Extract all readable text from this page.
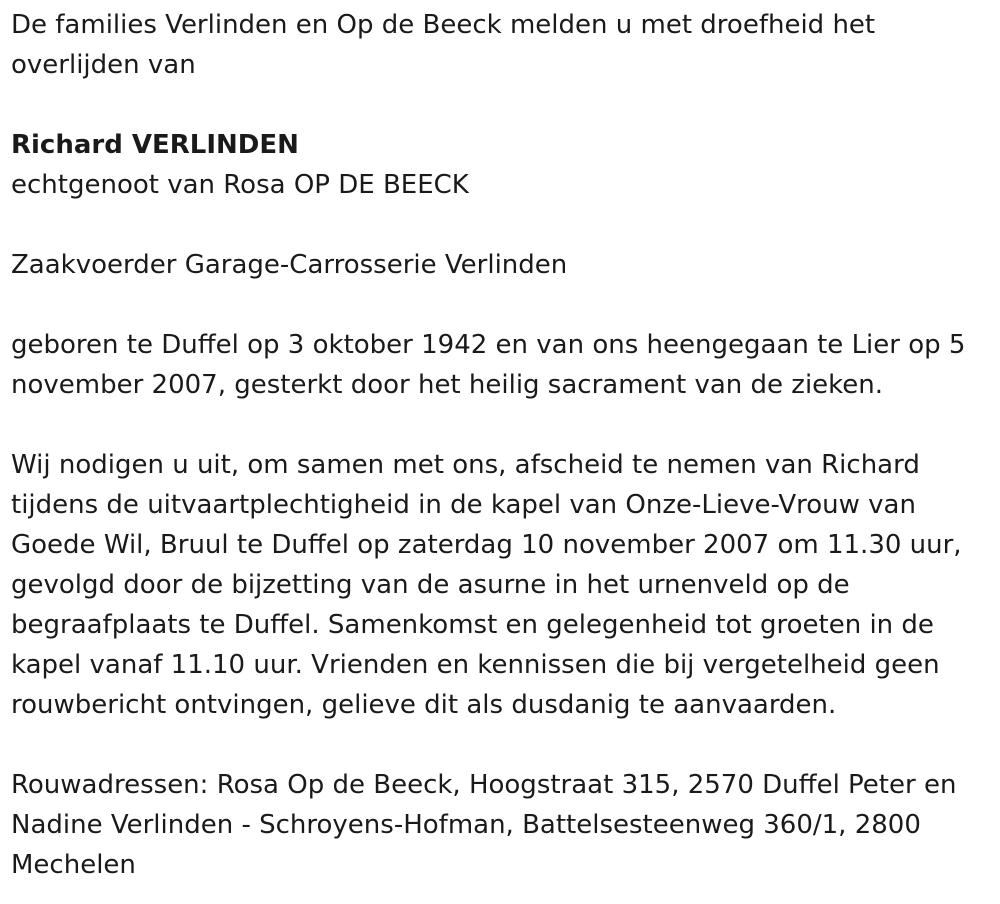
De families Verlinden en Op de Beeck melden u met droefheid het
overlijden van
Richard VERLINDEN
echtgenoot van Rosa OP DE BEECK
Zaakvoerder Garage-Carrosserie Verlinden
geboren te Duffel op 3 oktober 1942 en van ons heengegaan te Lier op 5
november 2007, gesterkt door het heilig sacrament van de zieken.
Wij nodigen u uit, om samen met ons, afscheid te nemen van Richard
tijdens de uitvaartplechtigheid in de kapel van Onze-Lieve-Vrouw van
Goede Wil, Bruul te Duffel op zaterdag 10 november 2007 om 11.30 uur,
gevolgd door de bijzetting van de asurne in het urnenveld op de
begraafplaats te Duffel. Samenkomst en gelegenheid tot groeten in de
kapel vanaf 11.10 uur. Vrienden en kennissen die bij vergetelheid geen
rouwbericht ontvingen, gelieve dit als dusdanig te aanvaarden.
Rouwadressen: Rosa Op de Beeck, Hoogstraat 315, 2570 Duffel Peter en
Nadine Verlinden - Schroyens-Hofman, Battelsesteenweg 360/1, 2800
Mechelen
